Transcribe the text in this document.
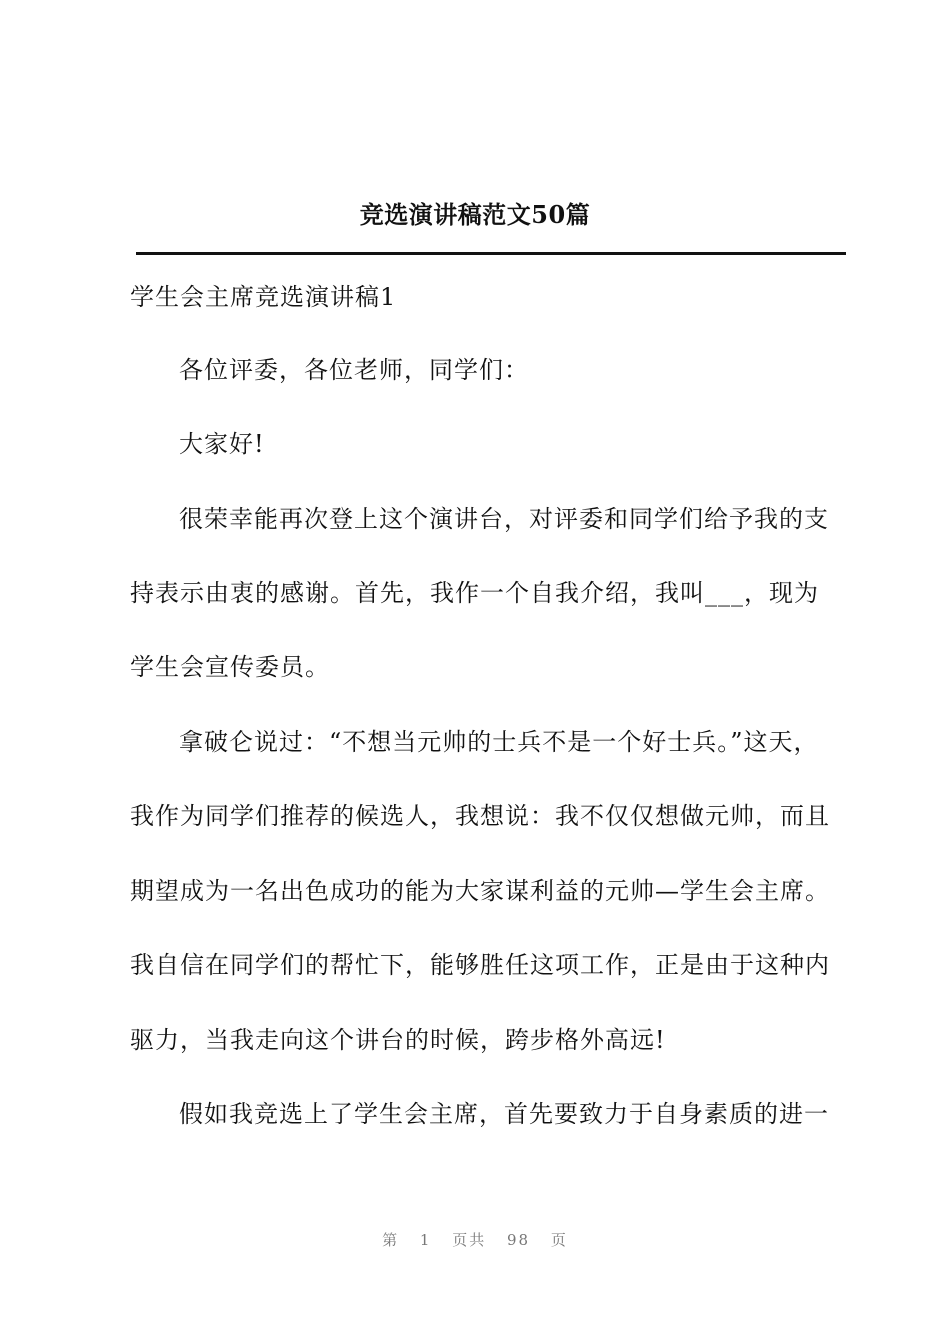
竞选演讲稿范文50篇
学生会主席竞选演讲稿1
各位评委，各位老师，同学们：
大家好!
很荣幸能再次登上这个演讲台，对评委和同学们给予我的支
持表示由衷的感谢。首先，我作一个自我介绍，我叫___，现为
学生会宣传委员。
拿破仑说过：“不想当元帅的士兵不是一个好士兵。”这天，
我作为同学们推荐的候选人，我想说：我不仅仅想做元帅，而且
期望成为一名出色成功的能为大家谋利益的元帅—学生会主席。
我自信在同学们的帮忙下，能够胜任这项工作，正是由于这种内
驱力，当我走向这个讲台的时候，跨步格外高远!
假如我竞选上了学生会主席，首先要致力于自身素质的进一
第 1 页共 98 页
